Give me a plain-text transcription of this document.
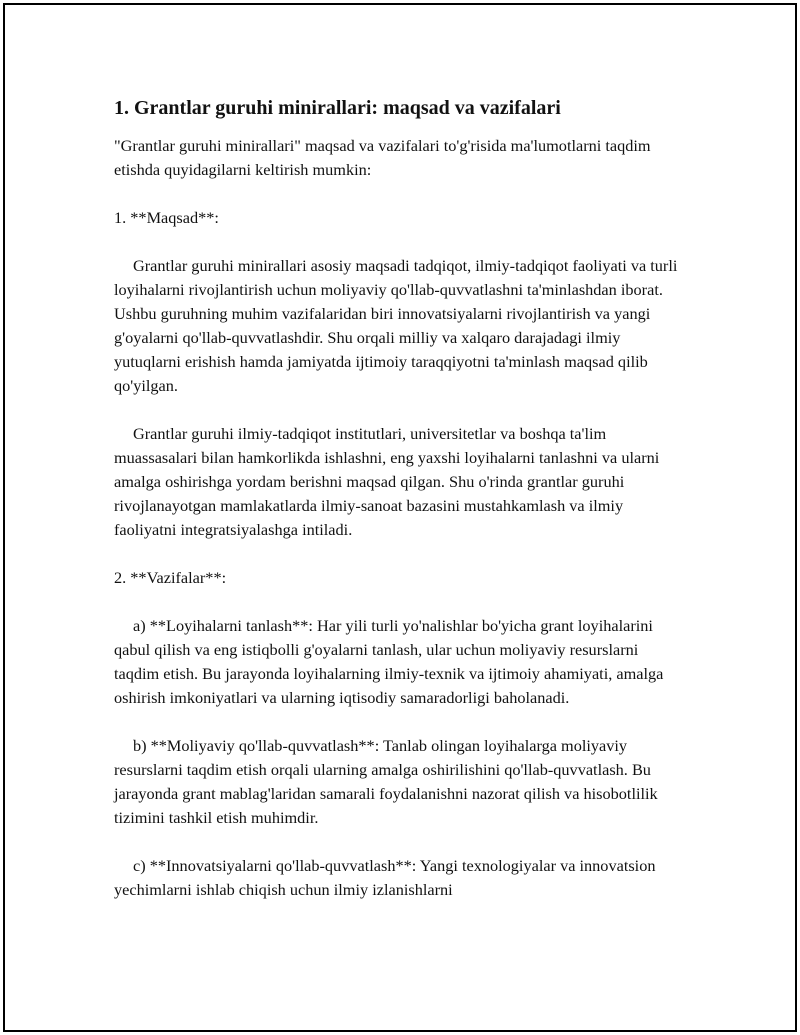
1. Grantlar guruhi minirallari: maqsad va vazifalari

"Grantlar guruhi minirallari" maqsad va vazifalari to'g'risida ma'lumotlarni taqdim etishda quyidagilarni keltirish mumkin:

1. **Maqsad**:

Grantlar guruhi minirallari asosiy maqsadi tadqiqot, ilmiy-tadqiqot faoliyati va turli loyihalarni rivojlantirish uchun moliyaviy qo'llab-quvvatlashni ta'minlashdan iborat. Ushbu guruhning muhim vazifalaridan biri innovatsiyalarni rivojlantirish va yangi g'oyalarni qo'llab-quvvatlashdir. Shu orqali milliy va xalqaro darajadagi ilmiy yutuqlarni erishish hamda jamiyatda ijtimoiy taraqqiyotni ta'minlash maqsad qilib qo'yilgan.

Grantlar guruhi ilmiy-tadqiqot institutlari, universitetlar va boshqa ta'lim muassasalari bilan hamkorlikda ishlashni, eng yaxshi loyihalarni tanlashni va ularni amalga oshirishga yordam berishni maqsad qilgan. Shu o'rinda grantlar guruhi rivojlanayotgan mamlakatlarda ilmiy-sanoat bazasini mustahkamlash va ilmiy faoliyatni integratsiyalashga intiladi.

2. **Vazifalar**:

a) **Loyihalarni tanlash**: Har yili turli yo'nalishlar bo'yicha grant loyihalarini qabul qilish va eng istiqbolli g'oyalarni tanlash, ular uchun moliyaviy resurslarni taqdim etish. Bu jarayonda loyihalarning ilmiy-texnik va ijtimoiy ahamiyati, amalga oshirish imkoniyatlari va ularning iqtisodiy samaradorligi baholanadi.

b) **Moliyaviy qo'llab-quvvatlash**: Tanlab olingan loyihalarga moliyaviy resurslarni taqdim etish orqali ularning amalga oshirilishini qo'llab-quvvatlash. Bu jarayonda grant mablag'laridan samarali foydalanishni nazorat qilish va hisobotlilik tizimini tashkil etish muhimdir.

c) **Innovatsiyalarni qo'llab-quvvatlash**: Yangi texnologiyalar va innovatsion yechimlarni ishlab chiqish uchun ilmiy izlanishlarni
